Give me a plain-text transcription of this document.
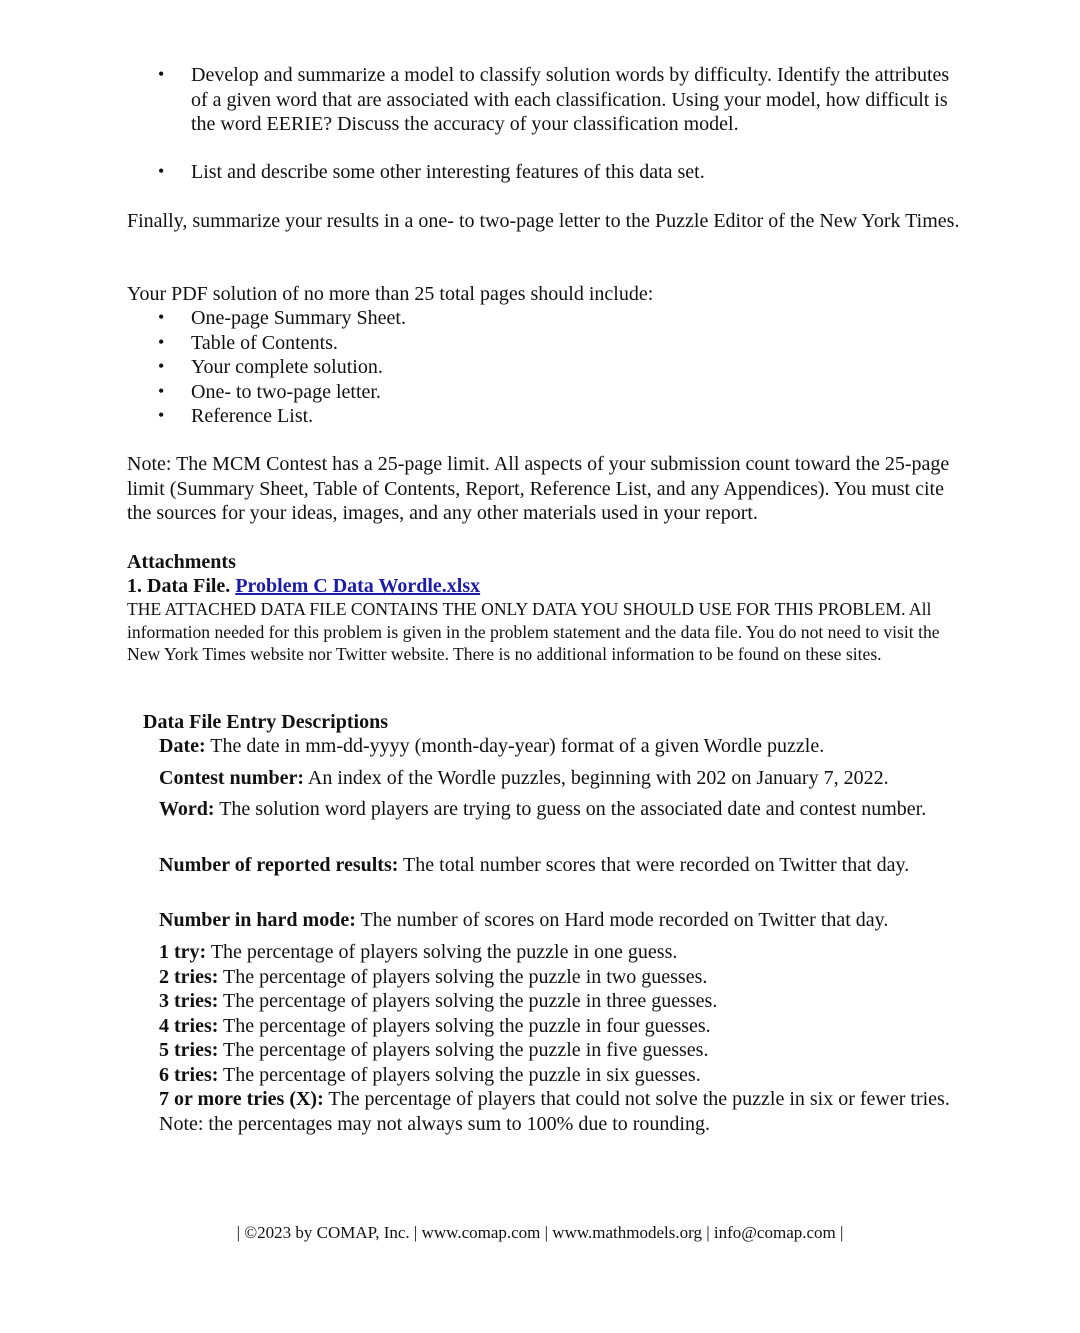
• Develop and summarize a model to classify solution words by difficulty. Identify the attributes of a given word that are associated with each classification. Using your model, how difficult is the word EERIE? Discuss the accuracy of your classification model.
• List and describe some other interesting features of this data set.
Finally, summarize your results in a one- to two-page letter to the Puzzle Editor of the New York Times.
Your PDF solution of no more than 25 total pages should include:
• One-page Summary Sheet.
• Table of Contents.
• Your complete solution.
• One- to two-page letter.
• Reference List.
Note: The MCM Contest has a 25-page limit. All aspects of your submission count toward the 25-page limit (Summary Sheet, Table of Contents, Report, Reference List, and any Appendices). You must cite the sources for your ideas, images, and any other materials used in your report.
Attachments
1. Data File. Problem C Data Wordle.xlsx
THE ATTACHED DATA FILE CONTAINS THE ONLY DATA YOU SHOULD USE FOR THIS PROBLEM. All information needed for this problem is given in the problem statement and the data file. You do not need to visit the New York Times website nor Twitter website. There is no additional information to be found on these sites.
Data File Entry Descriptions
Date: The date in mm-dd-yyyy (month-day-year) format of a given Wordle puzzle.
Contest number: An index of the Wordle puzzles, beginning with 202 on January 7, 2022.
Word: The solution word players are trying to guess on the associated date and contest number.
Number of reported results: The total number scores that were recorded on Twitter that day.
Number in hard mode: The number of scores on Hard mode recorded on Twitter that day.
1 try: The percentage of players solving the puzzle in one guess.
2 tries: The percentage of players solving the puzzle in two guesses.
3 tries: The percentage of players solving the puzzle in three guesses.
4 tries: The percentage of players solving the puzzle in four guesses.
5 tries: The percentage of players solving the puzzle in five guesses.
6 tries: The percentage of players solving the puzzle in six guesses.
7 or more tries (X): The percentage of players that could not solve the puzzle in six or fewer tries. Note: the percentages may not always sum to 100% due to rounding.
| ©2023 by COMAP, Inc. | www.comap.com | www.mathmodels.org | info@comap.com |
